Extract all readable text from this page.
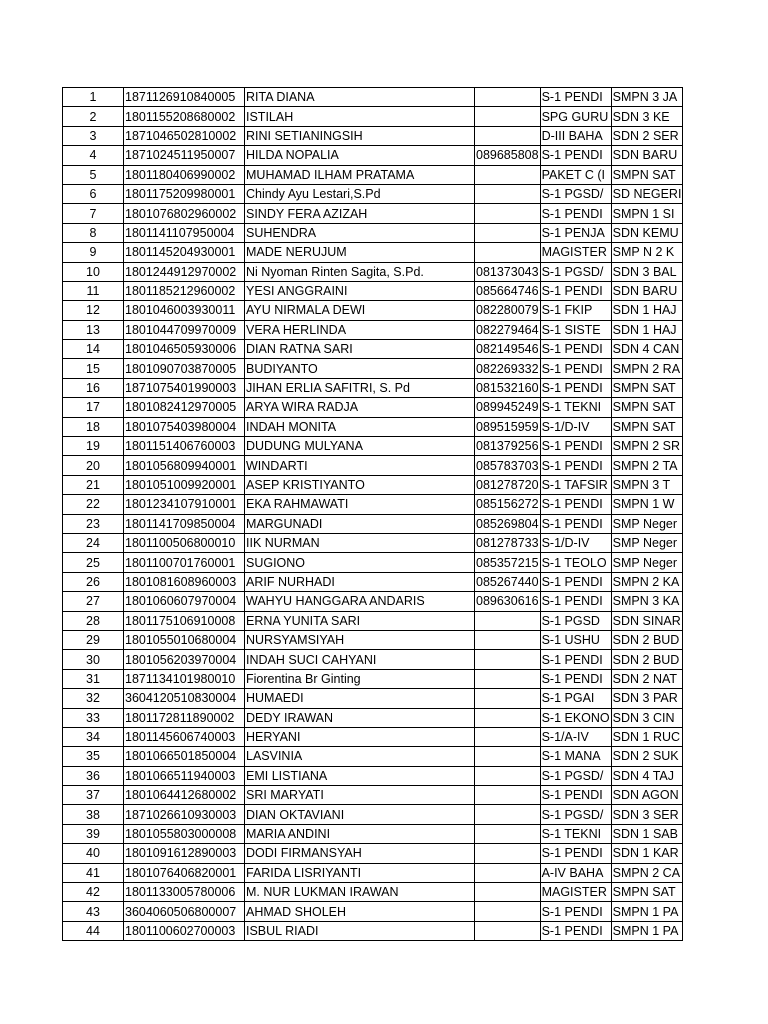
1	1871126910840005	RITA DIANA		S-1 PENDI	SMPN 3 JA
2	1801155208680002	ISTILAH		SPG GURU	SDN 3 KE
3	1871046502810002	RINI SETIANINGSIH		D-III BAHA	SDN 2 SER
4	1871024511950007	HILDA NOPALIA	089685808	S-1 PENDI	SDN BARU
5	1801180406990002	MUHAMAD ILHAM PRATAMA		PAKET C (I	SMPN SAT
6	1801175209980001	Chindy Ayu Lestari,S.Pd		S-1 PGSD/	SD NEGERI
7	1801076802960002	SINDY FERA AZIZAH		S-1 PENDI	SMPN 1 SI
8	1801141107950004	SUHENDRA		S-1 PENJA	SDN KEMU
9	1801145204930001	MADE NERUJUM		MAGISTER	SMP N 2 K
10	1801244912970002	Ni Nyoman Rinten Sagita, S.Pd.	081373043	S-1 PGSD/	SDN 3 BAL
11	1801185212960002	YESI ANGGRAINI	085664746	S-1 PENDI	SDN BARU
12	1801046003930011	AYU NIRMALA DEWI	082280079	S-1 FKIP	SDN 1 HAJ
13	1801044709970009	VERA HERLINDA	082279464	S-1 SISTE	SDN 1 HAJ
14	1801046505930006	DIAN RATNA SARI	082149546	S-1 PENDI	SDN 4 CAN
15	1801090703870005	BUDIYANTO	082269332	S-1 PENDI	SMPN 2 RA
16	1871075401990003	JIHAN ERLIA SAFITRI, S. Pd	081532160	S-1 PENDI	SMPN SAT
17	1801082412970005	ARYA WIRA RADJA	089945249	S-1 TEKNI	SMPN SAT
18	1801075403980004	INDAH MONITA	089515959	S-1/D-IV	SMPN SAT
19	1801151406760003	DUDUNG MULYANA	081379256	S-1 PENDI	SMPN 2 SR
20	1801056809940001	WINDARTI	085783703	S-1 PENDI	SMPN 2 TA
21	1801051009920001	ASEP KRISTIYANTO	081278720	S-1 TAFSIR	SMPN 3 T
22	1801234107910001	EKA RAHMAWATI	085156272	S-1 PENDI	SMPN 1 W
23	1801141709850004	MARGUNADI	085269804	S-1 PENDI	SMP Neger
24	1801100506800010	IIK NURMAN	081278733	S-1/D-IV	SMP Neger
25	1801100701760001	SUGIONO	085357215	S-1 TEOLO	SMP Neger
26	1801081608960003	ARIF NURHADI	085267440	S-1 PENDI	SMPN 2 KA
27	1801060607970004	WAHYU HANGGARA ANDARIS	089630616	S-1 PENDI	SMPN 3 KA
28	1801175106910008	ERNA YUNITA SARI		S-1 PGSD	SDN SINAR
29	1801055010680004	NURSYAMSIYAH		S-1 USHU	SDN 2 BUD
30	1801056203970004	INDAH SUCI CAHYANI		S-1 PENDI	SDN 2 BUD
31	1871134101980010	Fiorentina Br Ginting		S-1 PENDI	SDN 2 NAT
32	3604120510830004	HUMAEDI		S-1 PGAI	SDN 3 PAR
33	1801172811890002	DEDY IRAWAN		S-1 EKONO	SDN 3 CIN
34	1801145606740003	HERYANI		S-1/A-IV	SDN 1 RUC
35	1801066501850004	LASVINIA		S-1 MANA	SDN 2 SUK
36	1801066511940003	EMI LISTIANA		S-1 PGSD/	SDN 4 TAJ
37	1801064412680002	SRI MARYATI		S-1 PENDI	SDN AGON
38	1871026610930003	DIAN OKTAVIANI		S-1 PGSD/	SDN 3 SER
39	1801055803000008	MARIA ANDINI		S-1 TEKNI	SDN 1 SAB
40	1801091612890003	DODI FIRMANSYAH		S-1 PENDI	SDN 1 KAR
41	1801076406820001	FARIDA LISRIYANTI		A-IV BAHA	SMPN 2 CA
42	1801133005780006	M. NUR LUKMAN IRAWAN		MAGISTER	SMPN SAT
43	3604060506800007	AHMAD SHOLEH		S-1 PENDI	SMPN 1 PA
44	1801100602700003	ISBUL RIADI		S-1 PENDI	SMPN 1 PA
